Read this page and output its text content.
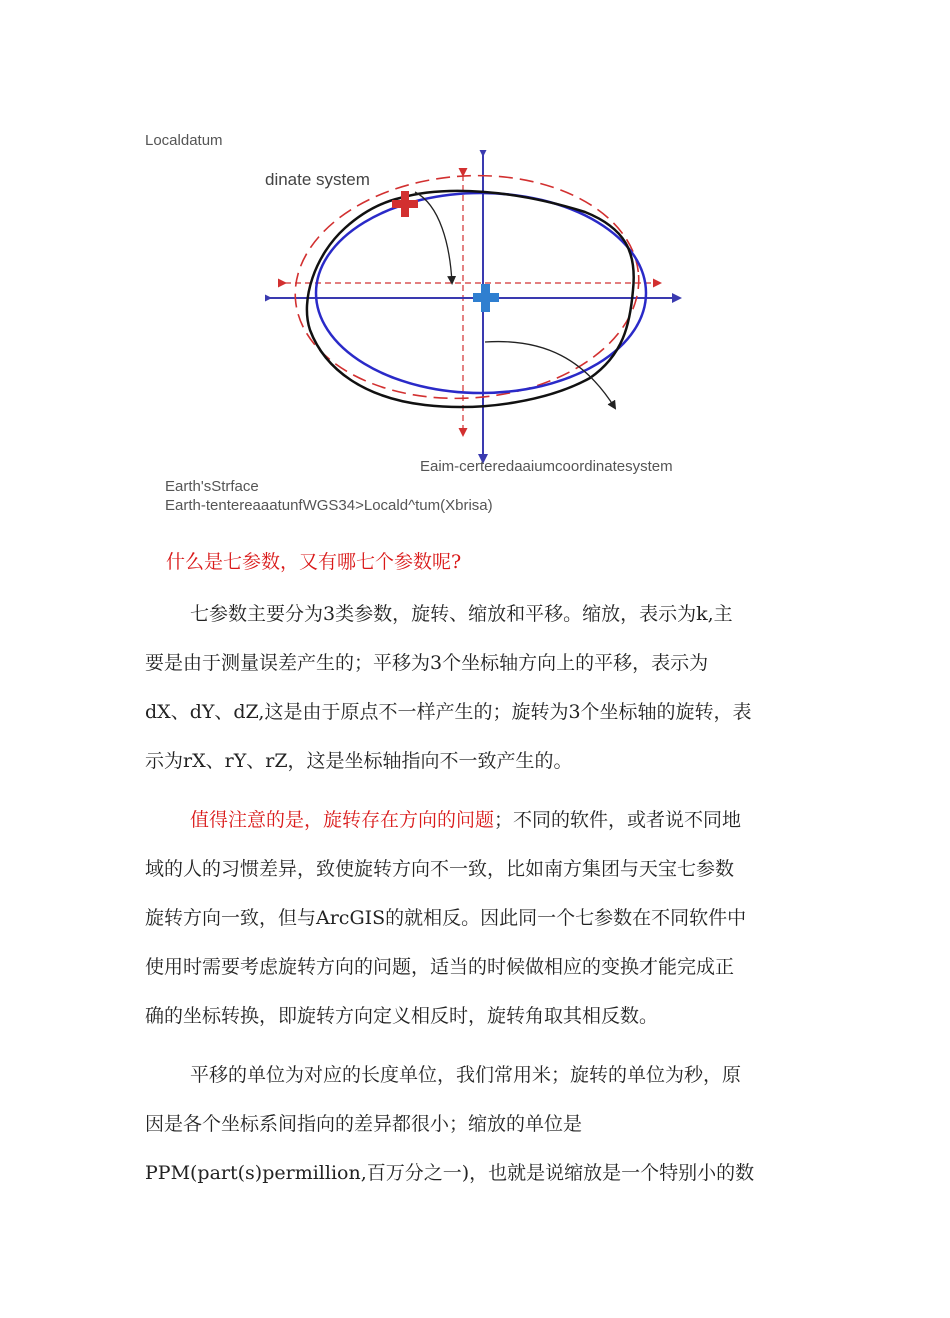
Localdatum
dinate system
Eaim-certeredaaiumcoordinatesystem
Earth'sStrface
Earth-tentereaaatunfWGS34>Locald^tum(Xbrisa)
什么是七参数，又有哪七个参数呢?
七参数主要分为3类参数，旋转、缩放和平移。缩放，表示为k,主
要是由于测量误差产生的；平移为3个坐标轴方向上的平移，表示为
dX、dY、dZ,这是由于原点不一样产生的；旋转为3个坐标轴的旋转，表
示为rX、rY、rZ，这是坐标轴指向不一致产生的。
值得注意的是，旋转存在方向的问题；不同的软件，或者说不同地
域的人的习惯差异，致使旋转方向不一致，比如南方集团与天宝七参数
旋转方向一致，但与ArcGIS的就相反。因此同一个七参数在不同软件中
使用时需要考虑旋转方向的问题，适当的时候做相应的变换才能完成正
确的坐标转换，即旋转方向定义相反时，旋转角取其相反数。
平移的单位为对应的长度单位，我们常用米；旋转的单位为秒，原
因是各个坐标系间指向的差异都很小；缩放的单位是
PPM(part(s)permillion,百万分之一)，也就是说缩放是一个特别小的数
